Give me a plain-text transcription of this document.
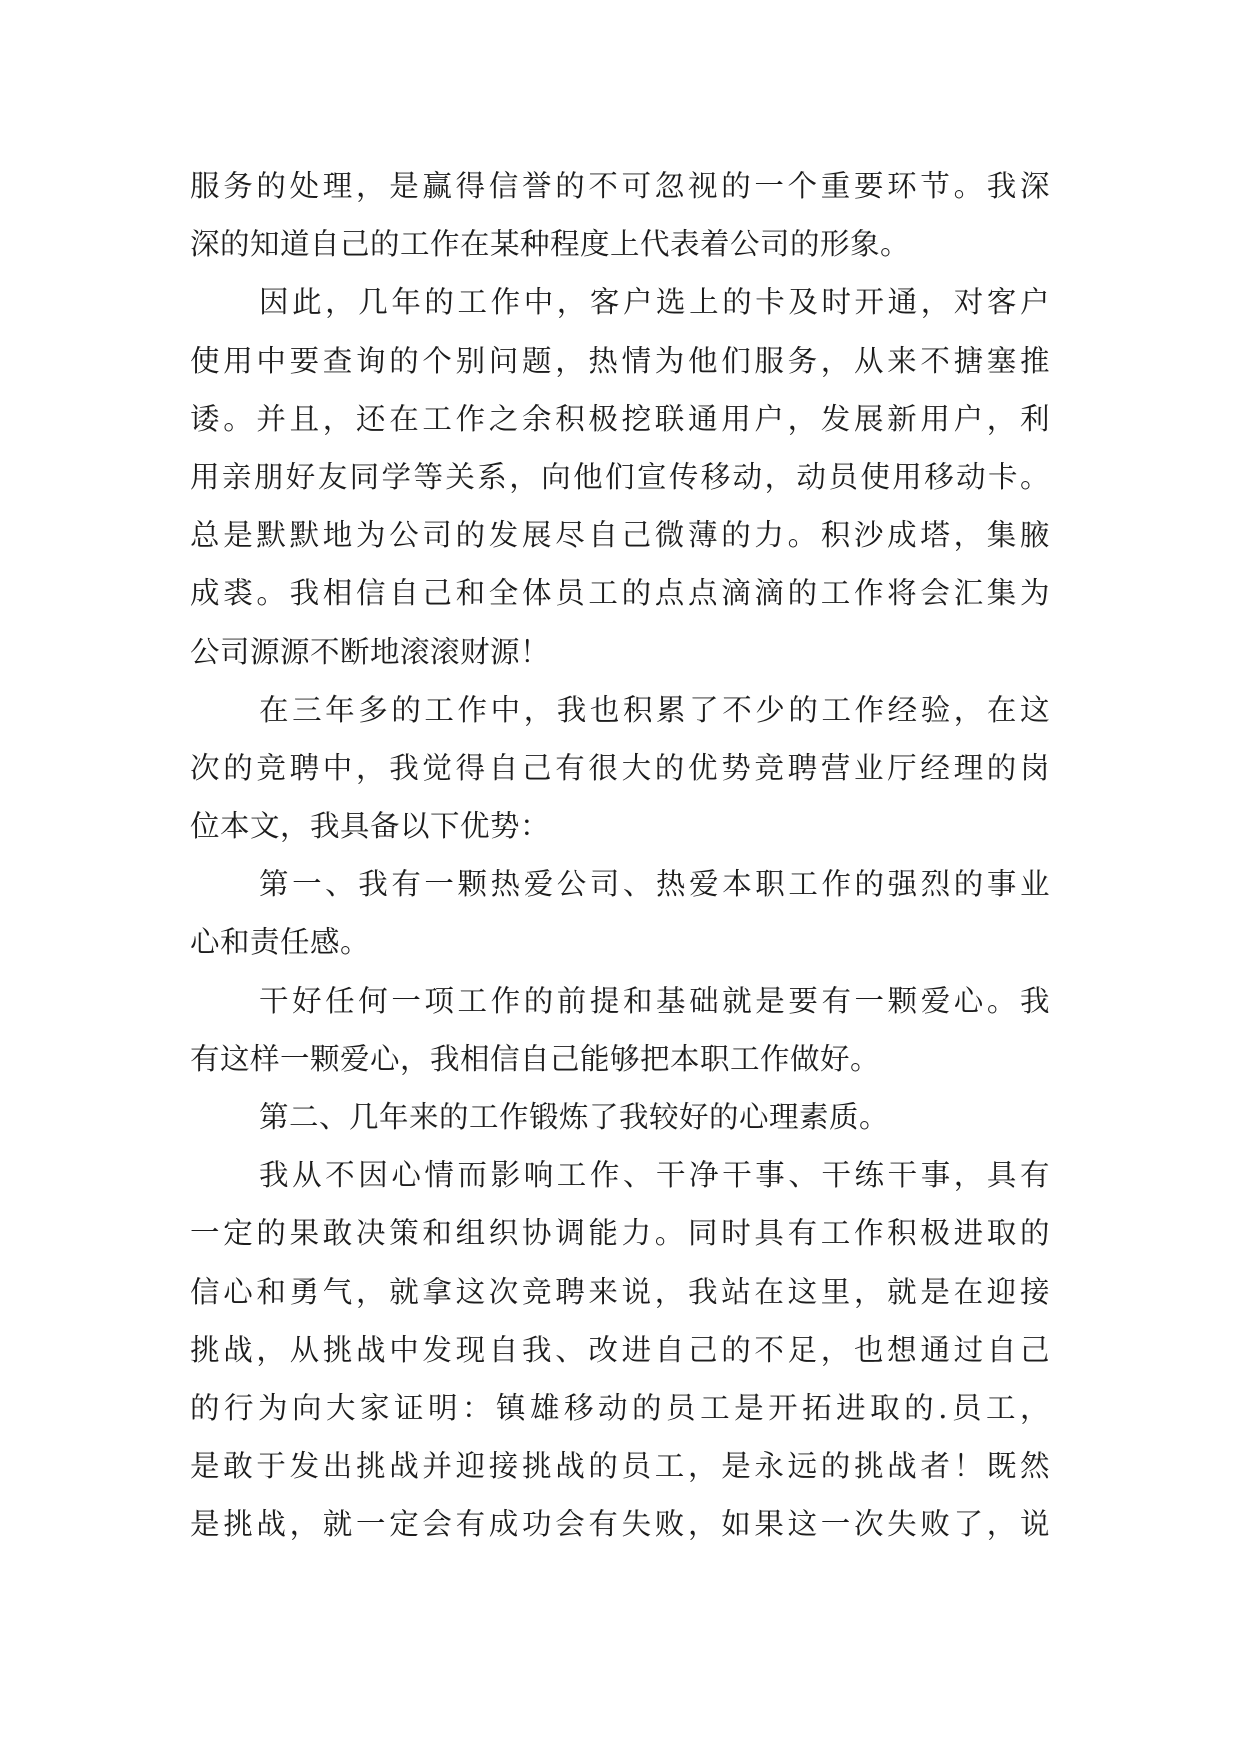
服务的处理，是赢得信誉的不可忽视的一个重要环节。我深
深的知道自己的工作在某种程度上代表着公司的形象。
因此，几年的工作中，客户选上的卡及时开通，对客户
使用中要查询的个别问题，热情为他们服务，从来不搪塞推
诿。并且，还在工作之余积极挖联通用户，发展新用户，利
用亲朋好友同学等关系，向他们宣传移动，动员使用移动卡。
总是默默地为公司的发展尽自己微薄的力。积沙成塔，集腋
成裘。我相信自己和全体员工的点点滴滴的工作将会汇集为
公司源源不断地滚滚财源！
在三年多的工作中，我也积累了不少的工作经验，在这
次的竞聘中，我觉得自己有很大的优势竞聘营业厅经理的岗
位本文，我具备以下优势：
第一、我有一颗热爱公司、热爱本职工作的强烈的事业
心和责任感。
干好任何一项工作的前提和基础就是要有一颗爱心。我
有这样一颗爱心，我相信自己能够把本职工作做好。
第二、几年来的工作锻炼了我较好的心理素质。
我从不因心情而影响工作、干净干事、干练干事，具有
一定的果敢决策和组织协调能力。同时具有工作积极进取的
信心和勇气，就拿这次竞聘来说，我站在这里，就是在迎接
挑战，从挑战中发现自我、改进自己的不足，也想通过自己
的行为向大家证明：镇雄移动的员工是开拓进取的.员工，
是敢于发出挑战并迎接挑战的员工，是永远的挑战者！既然
是挑战，就一定会有成功会有失败，如果这一次失败了，说
